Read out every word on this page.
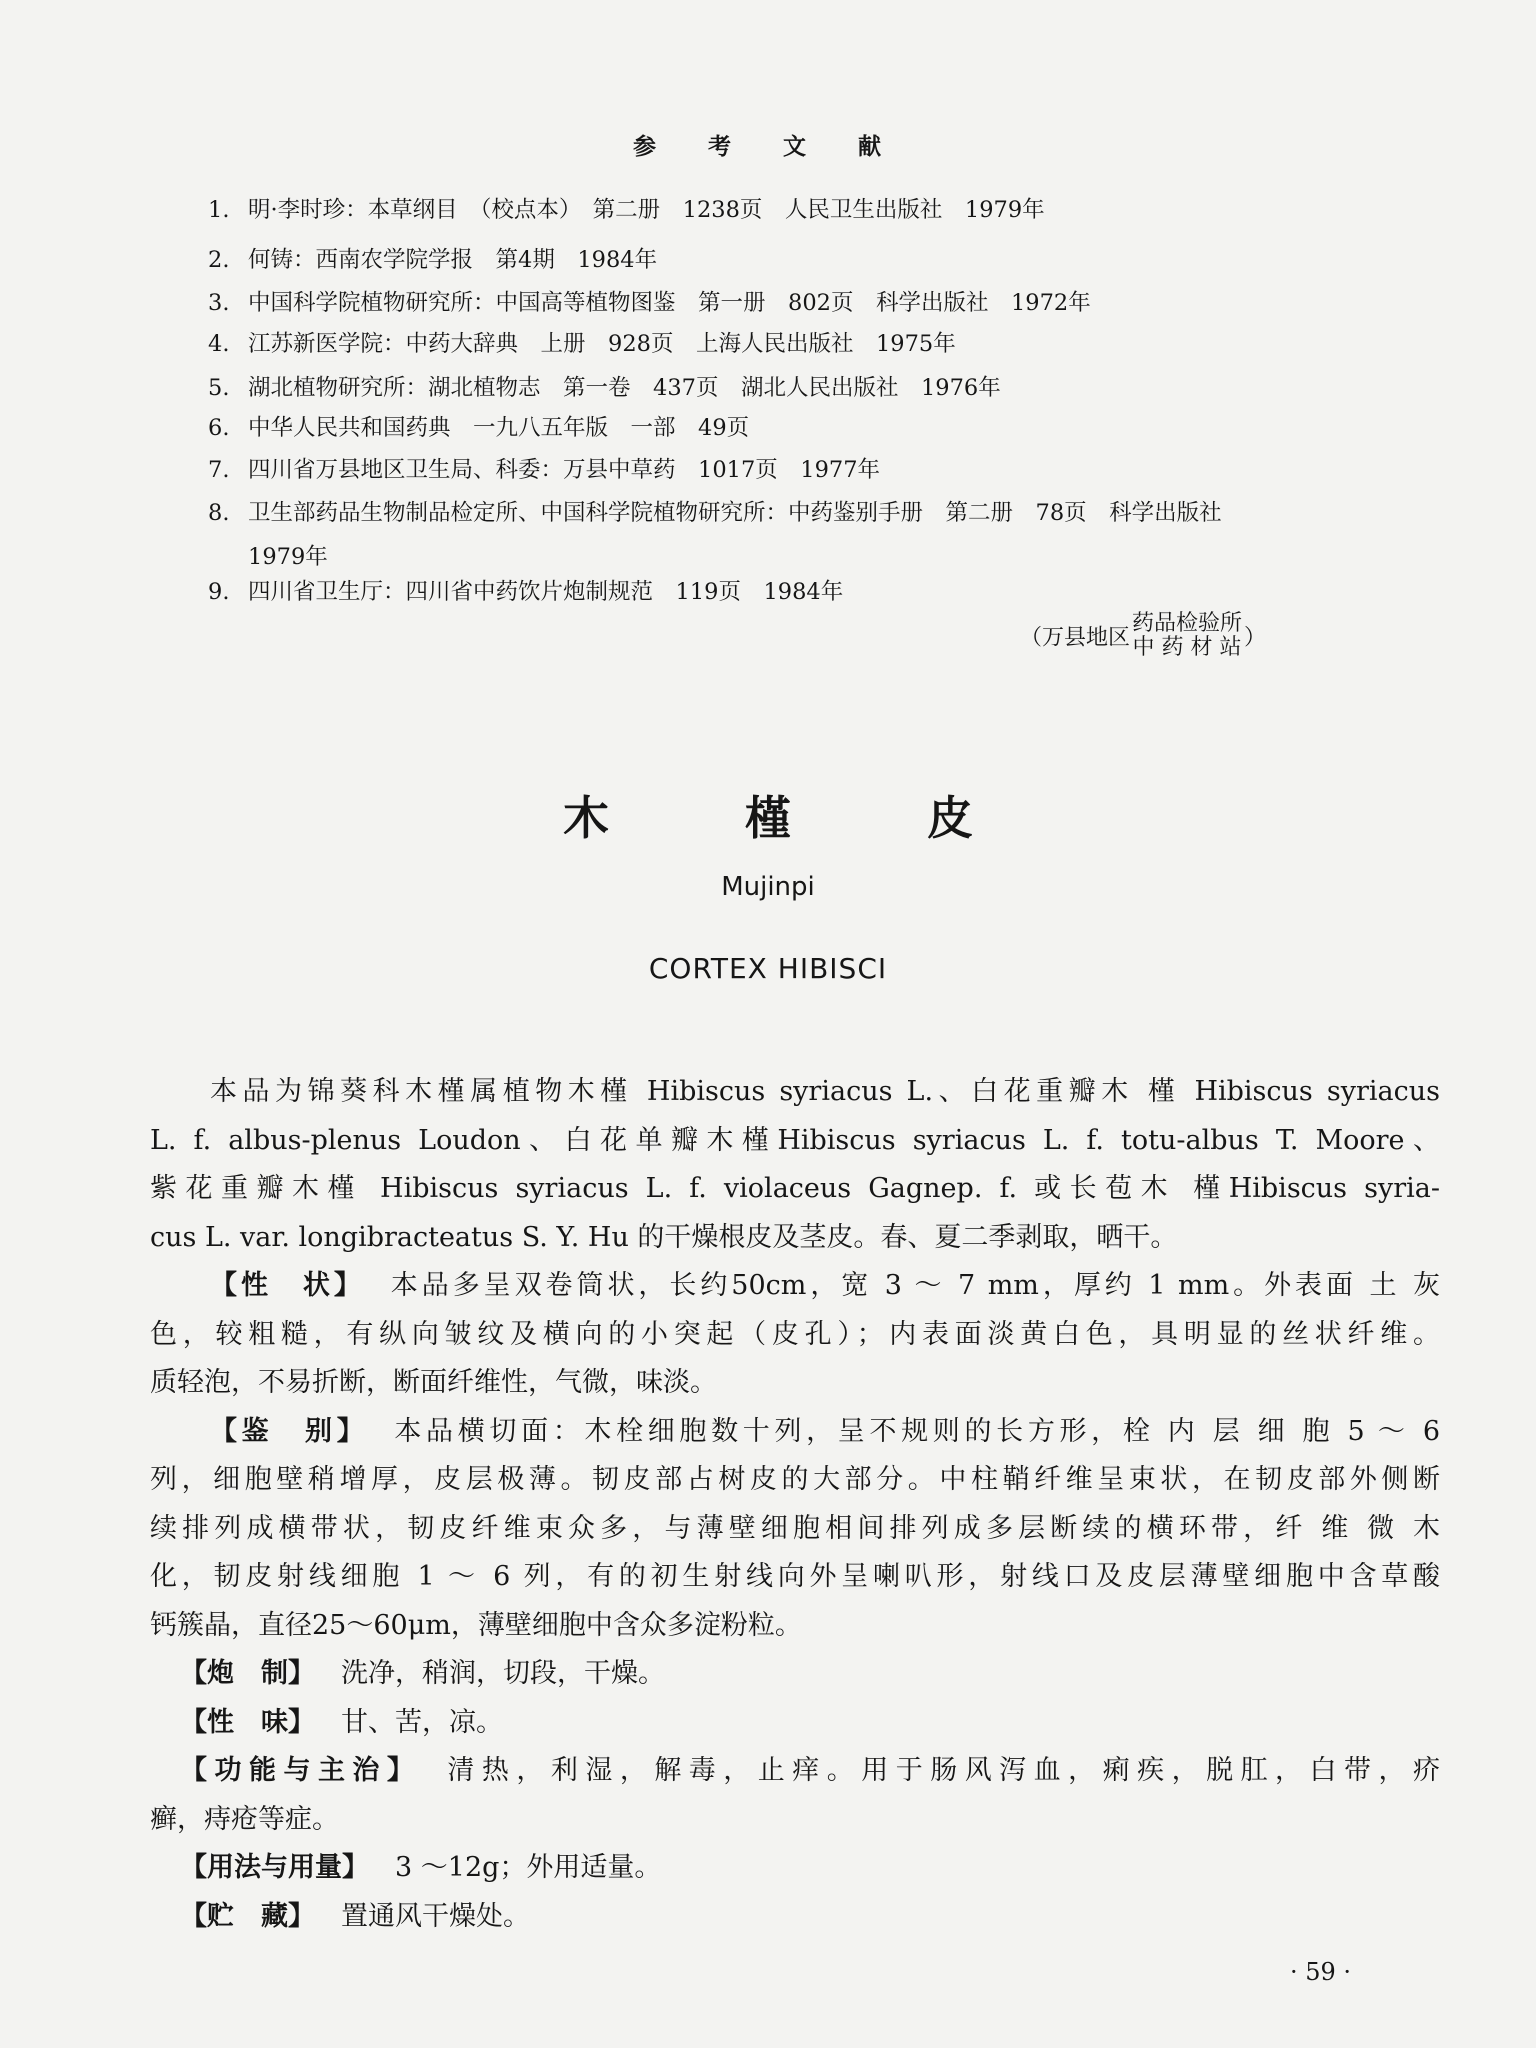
参 考 文 献
1. 明·李时珍：本草纲目　（校点本）　第二册　1238页　人民卫生出版社　1979年
2. 何铸：西南农学院学报　第4期　1984年
3. 中国科学院植物研究所：中国高等植物图鉴　第一册　802页　科学出版社　1972年
4. 江苏新医学院：中药大辞典　上册　928页　上海人民出版社　1975年
5. 湖北植物研究所：湖北植物志　第一卷　437页　湖北人民出版社　1976年
6. 中华人民共和国药典　一九八五年版　一部　49页
7. 四川省万县地区卫生局、科委：万县中草药　1017页　1977年
8. 卫生部药品生物制品检定所、中国科学院植物研究所：中药鉴别手册　第二册　78页　科学出版社
1979年
9. 四川省卫生厅：四川省中药饮片炮制规范　119页　1984年
（万县地区
药品检验所
中 药 材 站 ）
木 槿 皮
Mujinpi
CORTEX HIBISCI
本品为锦葵科木槿属植物木槿 Hibiscus syriacus L.、白花重瓣木 槿 Hibiscus syriacus
L. f. albus-plenus Loudon、白花单瓣木槿Hibiscus syriacus L. f. totu-albus T. Moore、
紫花重瓣木槿 Hibiscus syriacus L. f. violaceus Gagnep. f. 或长苞木 槿Hibiscus syria-
cus L. var. longibracteatus S. Y. Hu 的干燥根皮及茎皮。春、夏二季剥取，晒干。
【性　状】 本品多呈双卷筒状，长约50cm，宽 3 ～ 7 mm，厚约 1 mm。外表面 土 灰
色，较粗糙，有纵向皱纹及横向的小突起（皮孔）；内表面淡黄白色，具明显的丝状纤维。
质轻泡，不易折断，断面纤维性，气微，味淡。
【鉴　别】 本品横切面：木栓细胞数十列，呈不规则的长方形，栓 内 层 细 胞 5 ～ 6
列，细胞壁稍增厚，皮层极薄。韧皮部占树皮的大部分。中柱鞘纤维呈束状，在韧皮部外侧断
续排列成横带状，韧皮纤维束众多，与薄壁细胞相间排列成多层断续的横环带，纤 维 微 木
化，韧皮射线细胞 1 ～ 6 列，有的初生射线向外呈喇叭形，射线口及皮层薄壁细胞中含草酸
钙簇晶，直径25～60μm，薄壁细胞中含众多淀粉粒。
【炮　制】 洗净，稍润，切段，干燥。
【性　味】 甘、苦，凉。
【功能与主治】 清热，利湿，解毒，止痒。用于肠风泻血，痢疾，脱肛，白带，疥
癣，痔疮等症。
【用法与用量】 3 ～12g；外用适量。
【贮　藏】 置通风干燥处。
· 59 ·
